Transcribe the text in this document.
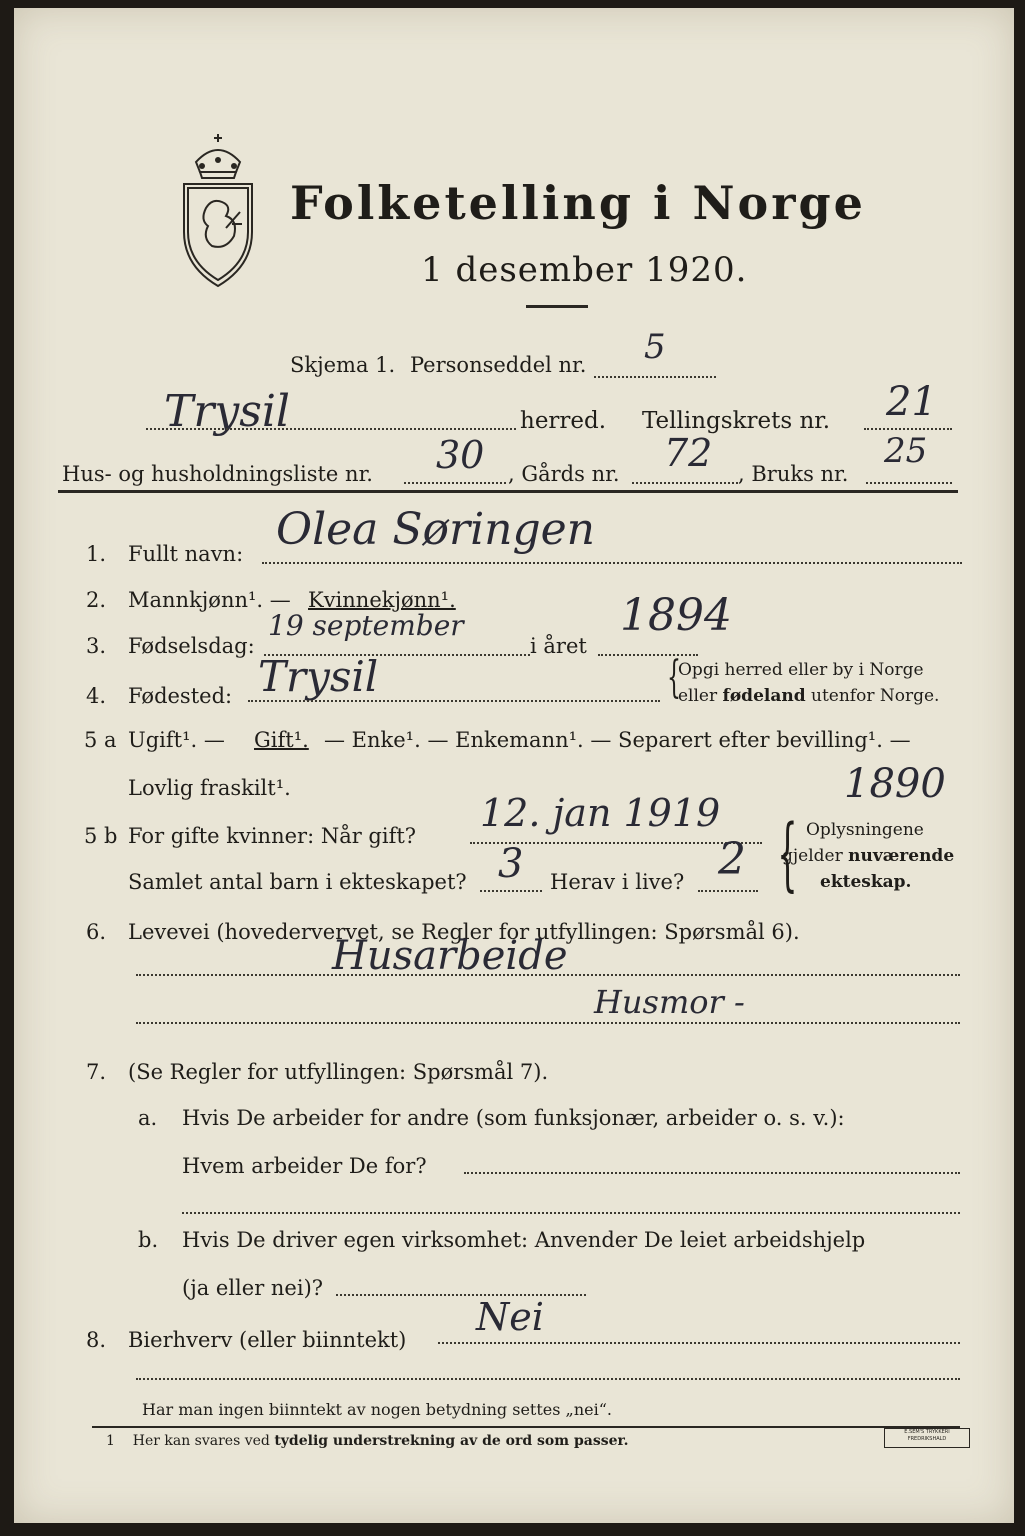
Folketelling i Norge
1 desember 1920.
Skjema 1. Personseddel nr. 5
Trysil	herred. Tellingskrets nr. 21
Hus- og husholdningsliste nr. 30 , Gårds nr. 72 , Bruks nr.
25
1. Fullt navn: Olea Søringen
2. Mannkjønn¹. — Kvinnekjønn¹.
3. Fødselsdag:
19 september
i året
1894
4. Fødested: Trysil	{
Opgi herred eller by i Norge
eller fødeland utenfor Norge.
5 a Ugift¹. — Gift¹. — Enke¹. — Enkemann¹. — Separert efter bevilling¹. —
Lovlig fraskilt¹.
5 b For gifte kvinner: Når gift?
12. jan 1919
1890
Samlet antal barn i ekteskapet? 3 Herav i live? 2 { Oplysningene
gjelder nuværende
ekteskap.
6. Levevei (hovedervervet, se Regler for utfyllingen: Spørsmål 6).
Husarbeide
Husmor -
7. (Se Regler for utfyllingen: Spørsmål 7).
a. Hvis De arbeider for andre (som funksjonær, arbeider o. s. v.):
Hvem arbeider De for?
b. Hvis De driver egen virksomhet: Anvender De leiet arbeidshjelp
(ja eller nei)?
8. Bierhverv (eller biinntekt)
Nei
Har man ingen biinntekt av nogen betydning settes „nei“.
1 Her kan svares ved tydelig understrekning av de ord som passer.
E.SEM'S TRYKKERI
FREDRIKSHALD
